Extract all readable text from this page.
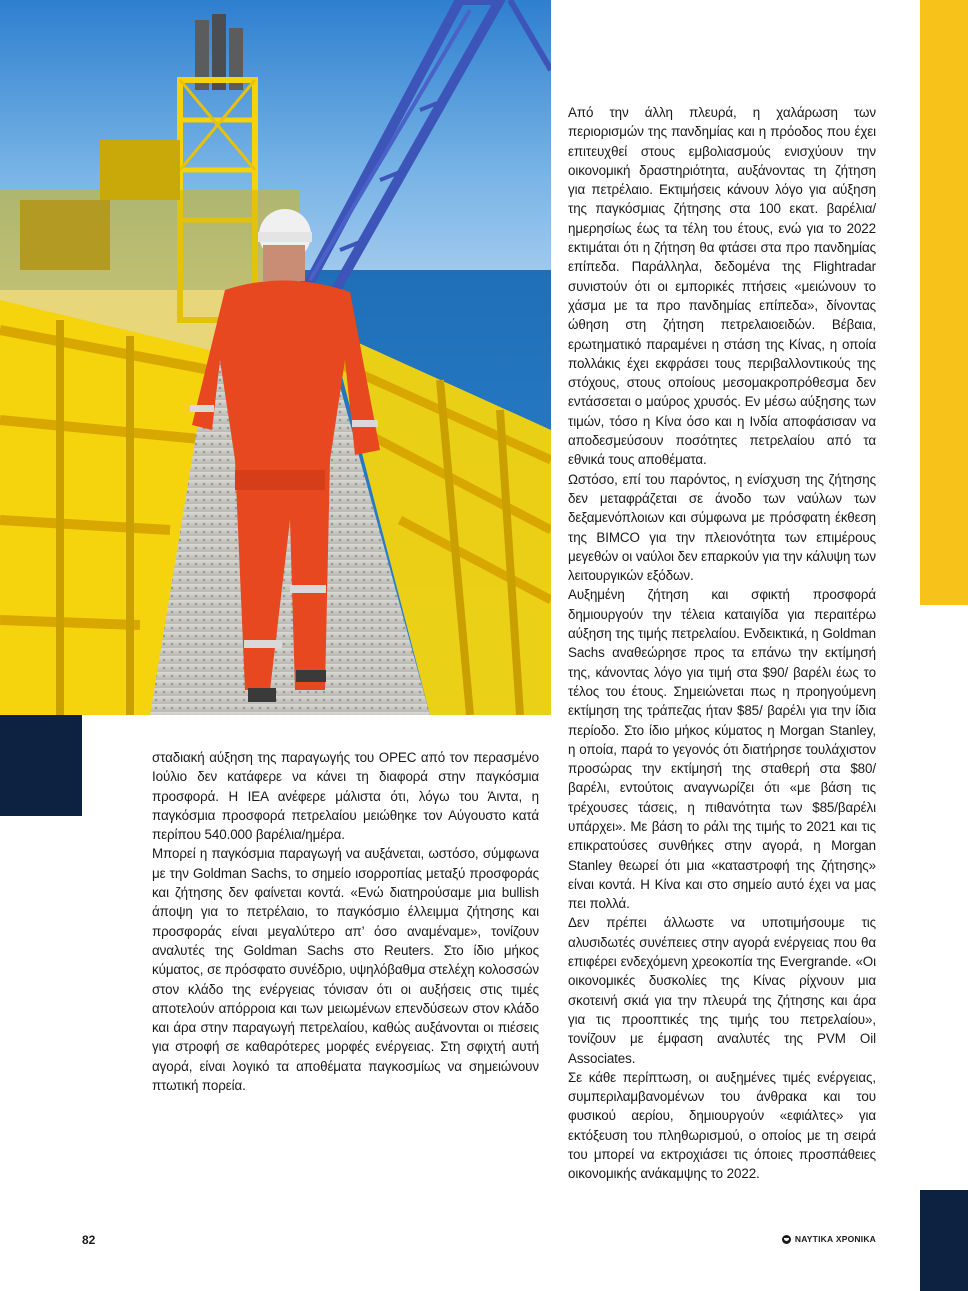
σταδιακή αύξηση της παραγωγής του OPEC από τον περασμένο Ιούλιο δεν κατάφερε να κάνει τη διαφορά στην παγκόσμια προσφορά. Η IEA ανέφερε μάλιστα ότι, λόγω του Άιντα, η παγκόσμια προσφορά πετρελαίου μειώθηκε τον Αύγουστο κατά περίπου 540.000 βαρέλια/ημέρα.

Μπορεί η παγκόσμια παραγωγή να αυξάνεται, ωστόσο, σύμφωνα με την Goldman Sachs, το σημείο ισορροπίας μεταξύ προσφοράς και ζήτησης δεν φαίνεται κοντά. «Ενώ διατηρούσαμε μια bullish άποψη για το πετρέλαιο, το παγκόσμιο έλλειμμα ζήτησης και προσφοράς είναι μεγαλύτερο απ’ όσο αναμέναμε», τονίζουν αναλυτές της Goldman Sachs στο Reuters. Στο ίδιο μήκος κύματος, σε πρόσφατο συνέδριο, υψηλόβαθμα στελέχη κολοσσών στον κλάδο της ενέργειας τόνισαν ότι οι αυξήσεις στις τιμές αποτελούν απόρροια και των μειωμένων επενδύσεων στον κλάδο και άρα στην παραγωγή πετρελαίου, καθώς αυξάνονται οι πιέσεις για στροφή σε καθαρότερες μορφές ενέργειας. Στη σφιχτή αυτή αγορά, είναι λογικό τα αποθέματα παγκοσμίως να σημειώνουν πτωτική πορεία.

Από την άλλη πλευρά, η χαλάρωση των περιορισμών της πανδημίας και η πρόοδος που έχει επιτευχθεί στους εμβολιασμούς ενισχύουν την οικονομική δραστηριότητα, αυξάνοντας τη ζήτηση για πετρέλαιο. Εκτιμήσεις κάνουν λόγο για αύξηση της παγκόσμιας ζήτησης στα 100 εκατ. βαρέλια/ημερησίως έως τα τέλη του έτους, ενώ για το 2022 εκτιμάται ότι η ζήτηση θα φτάσει στα προ πανδημίας επίπεδα. Παράλληλα, δεδομένα της Flightradar συνιστούν ότι οι εμπορικές πτήσεις «μειώνουν το χάσμα με τα προ πανδημίας επίπεδα», δίνοντας ώθηση στη ζήτηση πετρελαιοειδών. Βέβαια, ερωτηματικό παραμένει η στάση της Κίνας, η οποία πολλάκις έχει εκφράσει τους περιβαλλοντικούς της στόχους, στους οποίους μεσομακροπρόθεσμα δεν εντάσσεται ο μαύρος χρυσός. Εν μέσω αύξησης των τιμών, τόσο η Κίνα όσο και η Ινδία αποφάσισαν να αποδεσμεύσουν ποσότητες πετρελαίου από τα εθνικά τους αποθέματα.

Ωστόσο, επί του παρόντος, η ενίσχυση της ζήτησης δεν μεταφράζεται σε άνοδο των ναύλων των δεξαμενόπλοιων και σύμφωνα με πρόσφατη έκθεση της BIMCO για την πλειονότητα των επιμέρους μεγεθών οι ναύλοι δεν επαρκούν για την κάλυψη των λειτουργικών εξόδων.

Αυξημένη ζήτηση και σφικτή προσφορά δημιουργούν την τέλεια καταιγίδα για περαιτέρω αύξηση της τιμής πετρελαίου. Ενδεικτικά, η Goldman Sachs αναθεώρησε προς τα επάνω την εκτίμησή της, κάνοντας λόγο για τιμή στα $90/ βαρέλι έως το τέλος του έτους. Σημειώνεται πως η προηγούμενη εκτίμηση της τράπεζας ήταν $85/ βαρέλι για την ίδια περίοδο. Στο ίδιο μήκος κύματος η Morgan Stanley, η οποία, παρά το γεγονός ότι διατήρησε τουλάχιστον προσώρας την εκτίμησή της σταθερή στα $80/βαρέλι, εντούτοις αναγνωρίζει ότι «με βάση τις τρέχουσες τάσεις, η πιθανότητα των $85/βαρέλι υπάρχει». Με βάση το ράλι της τιμής το 2021 και τις επικρατούσες συνθήκες στην αγορά, η Morgan Stanley θεωρεί ότι μια «καταστροφή της ζήτησης» είναι κοντά. Η Κίνα και στο σημείο αυτό έχει να μας πει πολλά.

Δεν πρέπει άλλωστε να υποτιμήσουμε τις αλυσιδωτές συνέπειες στην αγορά ενέργειας που θα επιφέρει ενδεχόμενη χρεοκοπία της Evergrande. «Οι οικονομικές δυσκολίες της Κίνας ρίχνουν μια σκοτεινή σκιά για την πλευρά της ζήτησης και άρα για τις προοπτικές της τιμής του πετρελαίου», τονίζουν με έμφαση αναλυτές της PVM Oil Associates.

Σε κάθε περίπτωση, οι αυξημένες τιμές ενέργειας, συμπεριλαμβανομένων του άνθρακα και του φυσικού αερίου, δημιουργούν «εφιάλτες» για εκτόξευση του πληθωρισμού, ο οποίος με τη σειρά του μπορεί να εκτροχιάσει τις όποιες προσπάθειες οικονομικής ανάκαμψης το 2022.

82	ΝΑΥΤΙΚΑ ΧΡΟΝΙΚΑ
